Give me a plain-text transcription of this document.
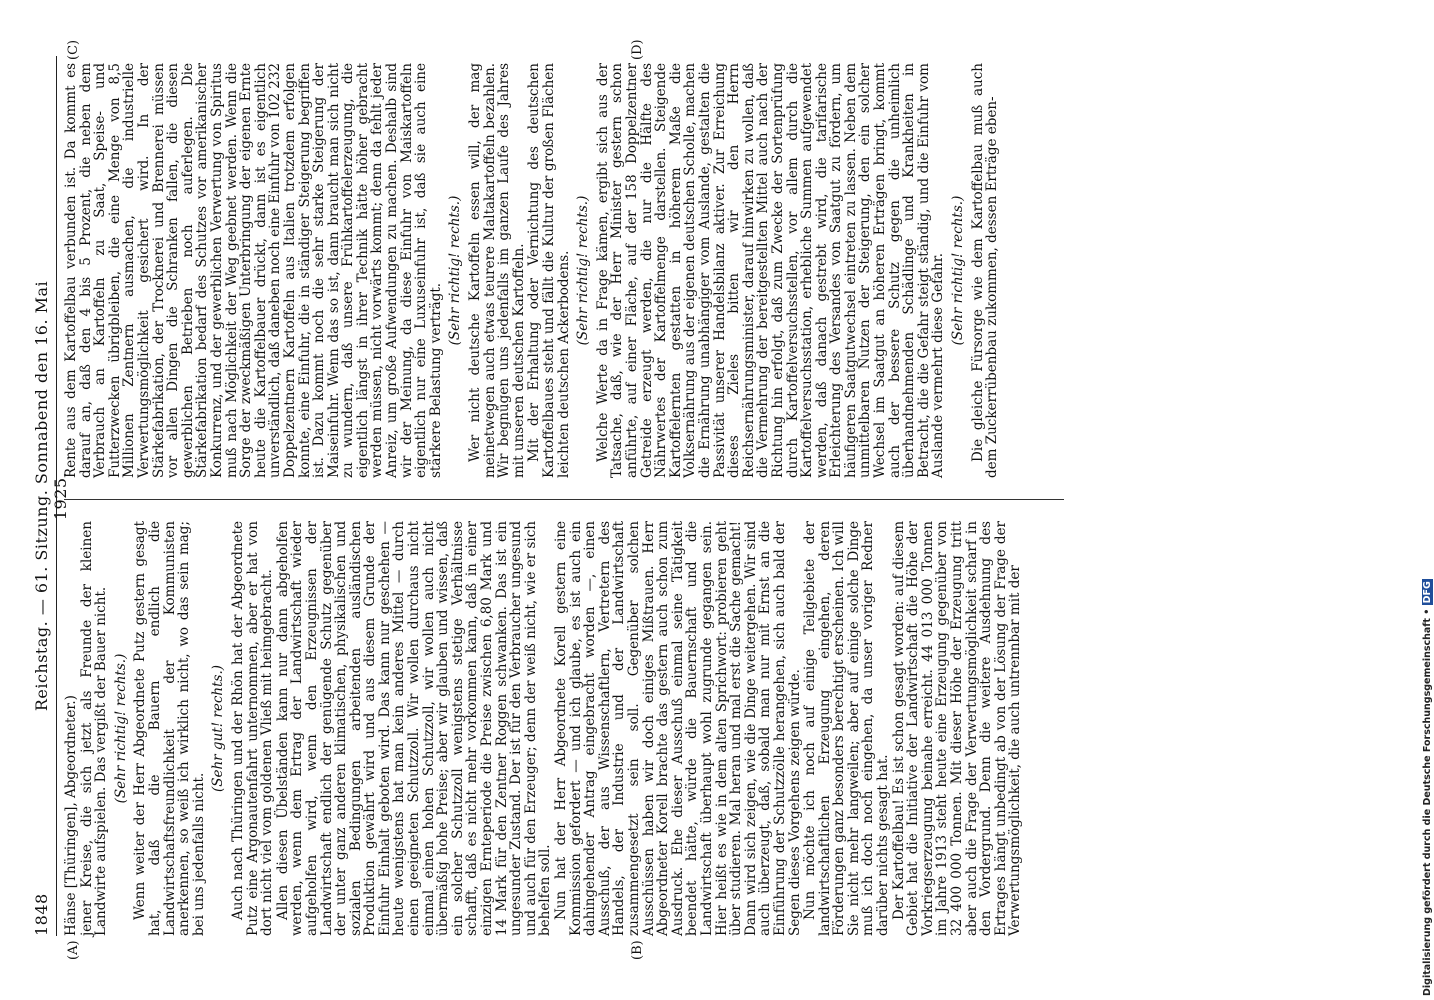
1848
Reichstag. — 61. Sitzung. Sonnabend den 16. Mai 1925.
(A)	(B)
(C)	(D)

Hänse [Thüringen], Abgeordneter.) jener Kreise, die sich jetzt als Freunde der kleinen Landwirte aufspielen. Das vergißt der Bauer nicht. (Sehr richtig! rechts.) Wenn weiter der Herr Abgeordnete Putz gestern gesagt hat, daß die Bauern endlich die Landwirtschaftsfreundlichkeit der Kommunisten anerkennen, so weiß ich wirklich nicht, wo das sein mag; bei uns jedenfalls nicht.

(Sehr gut! rechts.) Auch nach Thüringen und der Rhön hat der Abgeordnete Putz eine Argonautenfahrt unternommen, aber er hat von dort nicht viel vom goldenen Vließ mit heimgebracht. Allen diesen Übelständen kann nur dann abgeholfen werden, wenn dem Ertrag der Landwirtschaft wieder aufgeholfen wird, wenn den Erzeugnissen der Landwirtschaft endlich der genügende Schutz gegenüber der unter ganz anderen klimatischen, physikalischen und sozialen Bedingungen arbeitenden ausländischen Produktion gewährt wird und aus diesem Grunde der Einfuhr Einhalt geboten wird. Das kann nur geschehen — heute wenigstens hat man kein anderes Mittel — durch einen geeigneten Schutzzoll. Wir wollen durchaus nicht einmal einen hohen Schutzzoll, wir wollen auch nicht übermäßig hohe Preise; aber wir glauben und wissen, daß ein solcher Schutzzoll wenigstens stetige Verhältnisse schafft, daß es nicht mehr vorkommen kann, daß in einer einzigen Ernteperiode die Preise zwischen 6,80 Mark und 14 Mark für den Zentner Roggen schwanken. Das ist ein ungesunder Zustand. Der ist für den Verbraucher ungesund und auch für den Erzeuger; denn der weiß nicht, wie er sich behelfen soll. Nun hat der Herr Abgeordnete Korell gestern eine Kommission gefordert — und ich glaube, es ist auch ein dahingehender Antrag eingebracht worden —, einen Ausschuß, der aus Wissenschaftlern, Vertretern des Handels, der Industrie und der Landwirtschaft zusammengesetzt sein soll. Gegenüber solchen Ausschüssen haben wir doch einiges Mißtrauen. Herr Abgeordneter Korell brachte das gestern auch schon zum Ausdruck. Ehe dieser Ausschuß einmal seine Tätigkeit beendet hätte, würde die Bauernschaft und die Landwirtschaft überhaupt wohl zugrunde gegangen sein. Hier heißt es wie in dem alten Sprichwort: probieren geht über studieren. Mal heran und mal erst die Sache gemacht! Dann wird sich zeigen, wie die Dinge weitergehen. Wir sind auch überzeugt, daß, sobald man nur mit Ernst an die Einführung der Schutzzölle herangehen, sich auch bald der Segen dieses Vorgehens zeigen würde. Nun möchte ich noch auf einige Teilgebiete der landwirtschaftlichen Erzeugung eingehen, deren Förderungen ganz besonders berechtigt erscheinen. Ich will Sie nicht mehr langweilen; aber auf einige solche Dinge muß ich doch noch eingehen, da unser voriger Redner darüber nichts gesagt hat. Der Kartoffelbau! Es ist schon gesagt worden: auf diesem Gebiet hat die Initiative der Landwirtschaft die Höhe der Vorkriegserzeugung beinahe erreicht. 44 013 000 Tonnen im Jahre 1913 steht heute eine Erzeugung gegenüber von 32 400 000 Tonnen. Mit dieser Höhe der Erzeugung tritt aber auch die Frage der Verwertungsmöglichkeit scharf in den Vordergrund. Denn die weitere Ausdehnung des Ertrages hängt unbedingt ab von der Lösung der Frage der Verwertungsmöglichkeit, die auch untrennbar mit der

Rente aus dem Kartoffelbau verbunden ist. Da kommt es darauf an, daß den 4 bis 5 Prozent, die neben dem Verbrauch an Kartoffeln zu Saat, Speise- und Futterzwecken übrigbleiben, die eine Menge von 8,5 Millionen Zentnern ausmachen, die industrielle Verwertungsmöglichkeit gesichert wird. In der Stärkefabrikation, der Trocknerei und Brennerei müssen vor allen Dingen die Schranken fallen, die diesen gewerblichen Betrieben noch auferlegen. Die Stärkefabrikation bedarf des Schutzes vor amerikanischer Konkurrenz, und der gewerblichen Verwertung von Spiritus muß nach Möglichkeit der Weg geebnet werden. Wenn die Sorge der zweckmäßigen Unterbringung der eigenen Ernte heute die Kartoffelbauer drückt, dann ist es eigentlich unverständlich, daß daneben noch eine Einfuhr von 102 232 Doppelzentnern Kartoffeln aus Italien trotzdem erfolgen konnte, eine Einfuhr, die in ständiger Steigerung begriffen ist. Dazu kommt noch die sehr starke Steigerung der Maiseinfuhr. Wenn das so ist, dann braucht man sich nicht zu wundern, daß unsere Frühkartoffelerzeugung, die eigentlich längst in ihrer Technik hätte höher gebracht werden müssen, nicht vorwärts kommt; denn da fehlt jeder Anreiz, um große Aufwendungen zu machen. Deshalb sind wir der Meinung, da diese Einfuhr von Maiskartoffeln eigentlich nur eine Luxuseinfuhr ist, daß sie auch eine stärkere Belastung verträgt.

(Sehr richtig! rechts.) Wer nicht deutsche Kartoffeln essen will, der mag meinetwegen auch etwas teurere Maltakartoffeln bezahlen. Wir begnügen uns jedenfalls im ganzen Laufe des Jahres mit unseren deutschen Kartoffeln. Mit der Erhaltung oder Vernichtung des deutschen Kartoffelbaues steht und fällt die Kultur der großen Flächen leichten deutschen Ackerbodens. (Sehr richtig! rechts.) Welche Werte da in Frage kämen, ergibt sich aus der Tatsache, daß, wie der Herr Minister gestern schon anführte, auf einer Fläche, auf der 158 Doppelzentner Getreide erzeugt werden, die nur die Hälfte des Nährwertes der Kartoffelmenge darstellen. Steigende Kartoffelernten gestatten in höherem Maße die Volksernährung aus der eigenen deutschen Scholle, machen die Ernährung unabhängiger vom Auslande, gestalten die Passivität unserer Handelsbilanz aktiver. Zur Erreichung dieses Zieles bitten wir den Herrn Reichsernährungsminister, darauf hinwirken zu wollen, daß die Vermehrung der bereitgestellten Mittel auch nach der Richtung hin erfolgt, daß zum Zwecke der Sortenprüfung durch Kartoffelversuchsstellen, vor allem durch die Kartoffelversuchsstation, erhebliche Summen aufgewendet werden, daß danach gestrebt wird, die tarifarische Erleichterung des Versandes von Saatgut zu fördern, um häufigeren Saatgutwechsel eintreten zu lassen. Neben dem unmittelbaren Nutzen der Steigerung, den ein solcher Wechsel im Saatgut an höheren Erträgen bringt, kommt auch der bessere Schutz gegen die unheimlich überhandnehmenden Schädlinge und Krankheiten in Betracht, die die Gefahr steigt ständig, und die Einfuhr vom Auslande vermehrt diese Gefahr. (Sehr richtig! rechts.) Die gleiche Fürsorge wie dem Kartoffelbau muß auch dem Zuckerrübenbau zukommen, dessen Erträge eben-

Digitalisierung gefördert durch die Deutsche Forschungsgemeinschaft • DFG
